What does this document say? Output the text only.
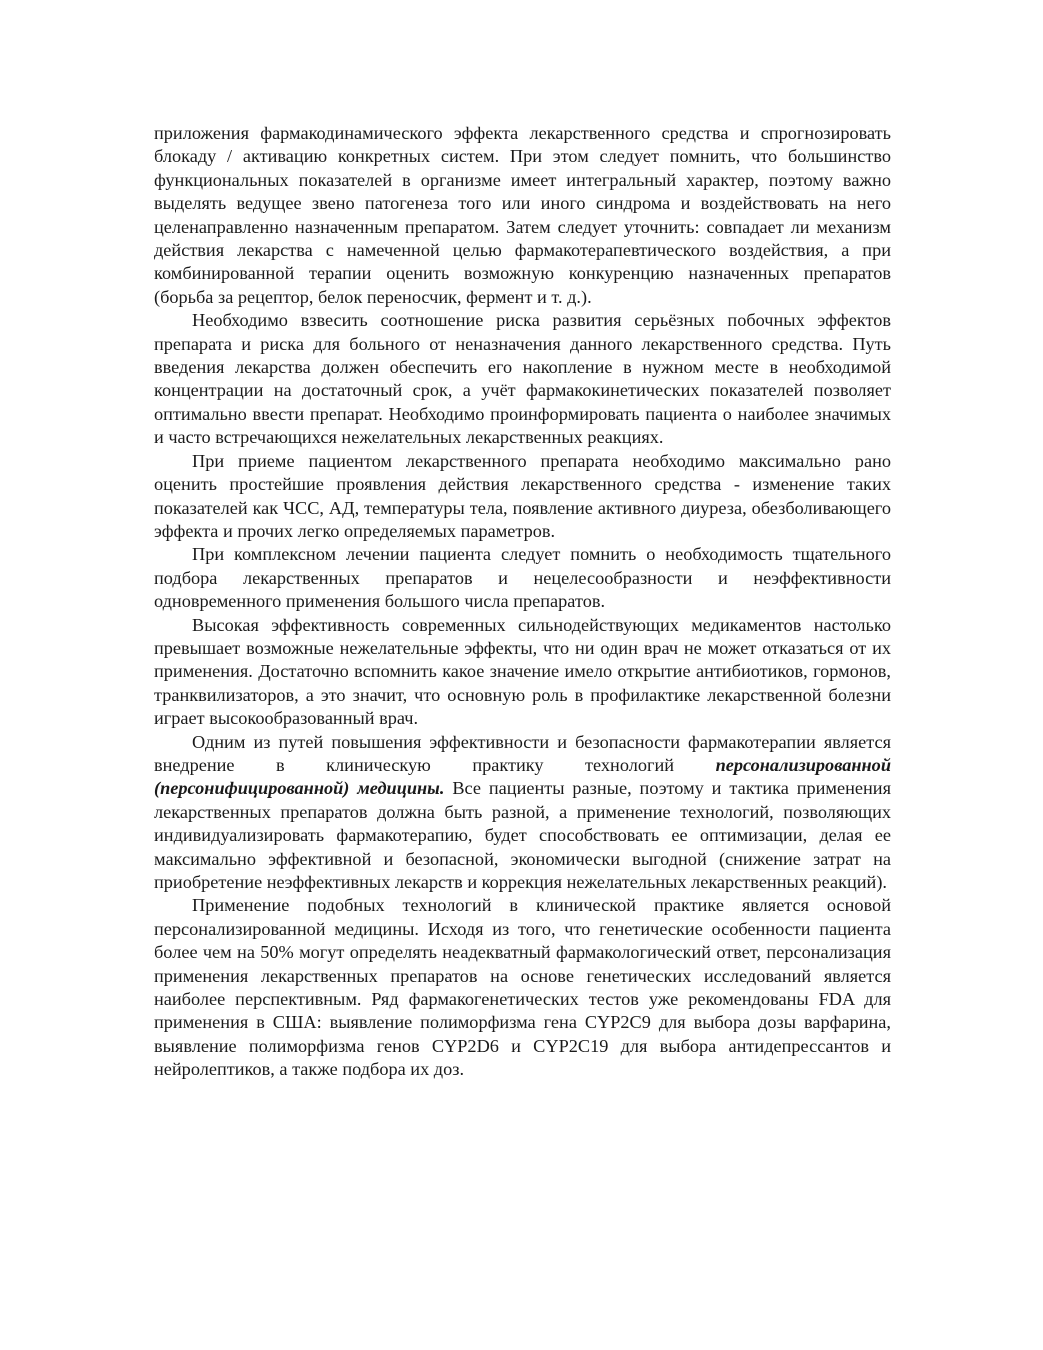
приложения фармакодинамического эффекта лекарственного средства и спрогнозировать блокаду / активацию конкретных систем. При этом следует помнить, что большинство функциональных показателей в организме имеет интегральный характер, поэтому важно выделять ведущее звено патогенеза того или иного синдрома и воздействовать на него целенаправленно назначенным препаратом. Затем следует уточнить: совпадает ли механизм действия лекарства с намеченной целью фармакотерапевтического воздействия, а при комбинированной терапии оценить возможную конкуренцию назначенных препаратов (борьба за рецептор, белок переносчик, фермент и т. д.).

Необходимо взвесить соотношение риска развития серьёзных побочных эффектов препарата и риска для больного от неназначения данного лекарственного средства. Путь введения лекарства должен обеспечить его накопление в нужном месте в необходимой концентрации на достаточный срок, а учёт фармакокинетических показателей позволяет оптимально ввести препарат. Необходимо проинформировать пациента о наиболее значимых и часто встречающихся нежелательных лекарственных реакциях.

При приеме пациентом лекарственного препарата необходимо максимально рано оценить простейшие проявления действия лекарственного средства - изменение таких показателей как ЧСС, АД, температуры тела, появление активного диуреза, обезболивающего эффекта и прочих легко определяемых параметров.

При комплексном лечении пациента следует помнить о необходимость тщательного подбора лекарственных препаратов и нецелесообразности и неэффективности одновременного применения большого числа препаратов.

Высокая эффективность современных сильнодействующих медикаментов настолько превышает возможные нежелательные эффекты, что ни один врач не может отказаться от их применения. Достаточно вспомнить какое значение имело открытие антибиотиков, гормонов, транквилизаторов, а это значит, что основную роль в профилактике лекарственной болезни играет высокообразованный врач.

Одним из путей повышения эффективности и безопасности фармакотерапии является внедрение в клиническую практику технологий персонализированной (персонифицированной) медицины. Все пациенты разные, поэтому и тактика применения лекарственных препаратов должна быть разной, а применение технологий, позволяющих индивидуализировать фармакотерапию, будет способствовать ее оптимизации, делая ее максимально эффективной и безопасной, экономически выгодной (снижение затрат на приобретение неэффективных лекарств и коррекция нежелательных лекарственных реакций).

Применение подобных технологий в клинической практике является основой персонализированной медицины. Исходя из того, что генетические особенности пациента более чем на 50% могут определять неадекватный фармакологический ответ, персонализация применения лекарственных препаратов на основе генетических исследований является наиболее перспективным. Ряд фармакогенетических тестов уже рекомендованы FDA для применения в США: выявление полиморфизма гена CYP2C9 для выбора дозы варфарина, выявление полиморфизма генов CYP2D6 и CYP2C19 для выбора антидепрессантов и нейролептиков, а также подбора их доз.
